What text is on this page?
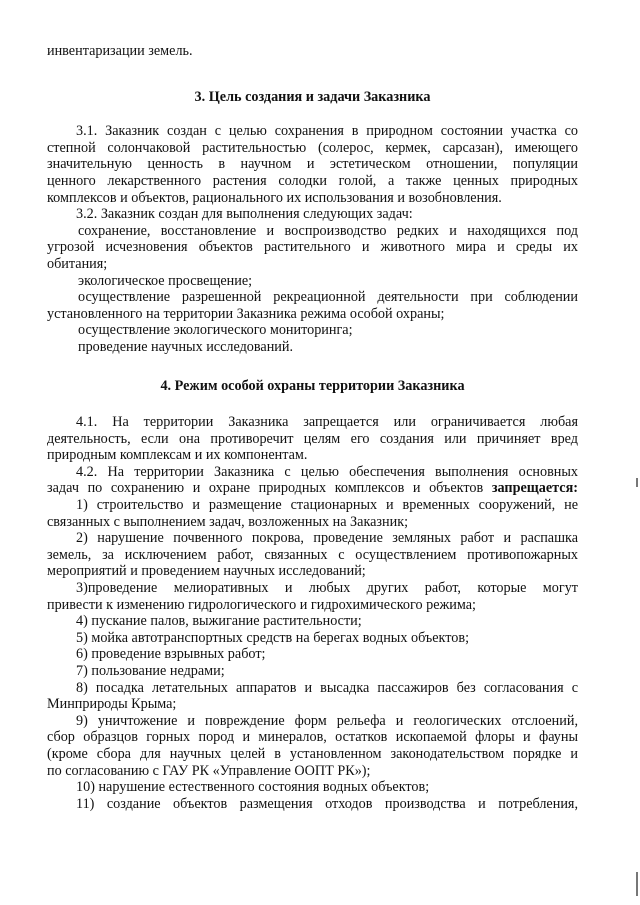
инвентаризации земель.
3. Цель создания и задачи Заказника
3.1. Заказник создан с целью сохранения в природном состоянии участка со
степной солончаковой растительностью (солерос, кермек, сарсазан), имеющего
значительную ценность в научном и эстетическом отношении, популяции
ценного лекарственного растения солодки голой, а также ценных природных
комплексов и объектов, рационального их использования и возобновления.
3.2. Заказник создан для выполнения следующих задач:
сохранение, восстановление и воспроизводство редких и находящихся под
угрозой исчезновения объектов растительного и животного мира и среды их
обитания;
экологическое просвещение;
осуществление разрешенной рекреационной деятельности при соблюдении
установленного на территории Заказника режима особой охраны;
осуществление экологического мониторинга;
проведение научных исследований.
4. Режим особой охраны территории Заказника
4.1. На территории Заказника запрещается или ограничивается любая
деятельность, если она противоречит целям его создания или причиняет вред
природным комплексам и их компонентам.
4.2. На территории Заказника с целью обеспечения выполнения основных
задач по сохранению и охране природных комплексов и объектов запрещается:
1) строительство и размещение стационарных и временных сооружений, не
связанных с выполнением задач, возложенных на Заказник;
2) нарушение почвенного покрова, проведение земляных работ и распашка
земель, за исключением работ, связанных с осуществлением противопожарных
мероприятий и проведением научных исследований;
3)проведение мелиоративных и любых других работ, которые могут
привести к изменению гидрологического и гидрохимического режима;
4) пускание палов, выжигание растительности;
5) мойка автотранспортных средств на берегах водных объектов;
6) проведение взрывных работ;
7) пользование недрами;
8) посадка летательных аппаратов и высадка пассажиров без согласования с
Минприроды Крыма;
9) уничтожение и повреждение форм рельефа и геологических отслоений,
сбор образцов горных пород и минералов, остатков ископаемой флоры и фауны
(кроме сбора для научных целей в установленном законодательством порядке и
по согласованию с ГАУ РК «Управление ООПТ РК»);
10) нарушение естественного состояния водных объектов;
11) создание объектов размещения отходов производства и потребления,
